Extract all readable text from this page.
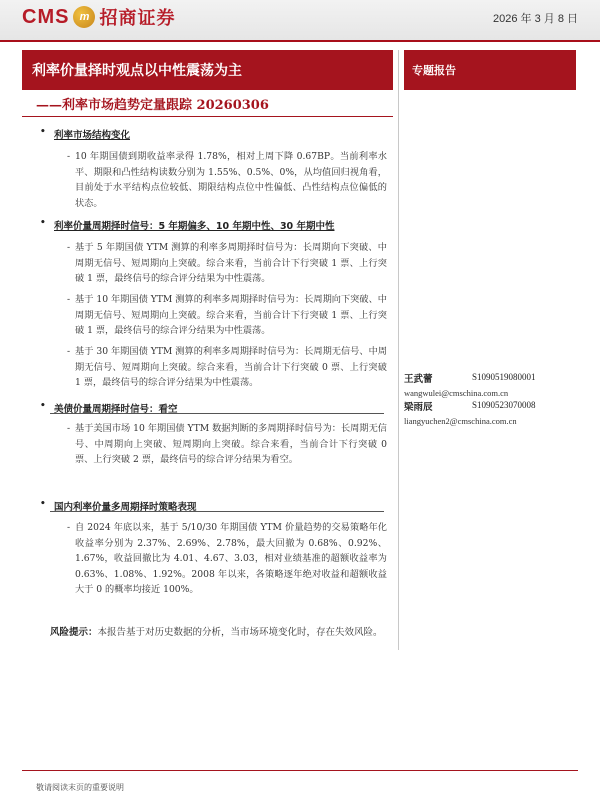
CMS m 招商证券	2026 年 3 月 8 日
利率价量择时观点以中性震荡为主
——利率市场趋势定量跟踪 20260306
专题报告
• 利率市场结构变化
- 10 年期国债到期收益率录得 1.78%，相对上周下降 0.67BP。当前利率水平、期限和凸性结构读数分别为 1.55%、0.5%、0%，从均值回归视角看，目前处于水平结构点位较低、期限结构点位中性偏低、凸性结构点位偏低的状态。
• 利率价量周期择时信号：5 年期偏多、10 年期中性、30 年期中性
- 基于 5 年期国债 YTM 测算的利率多周期择时信号为：长周期向下突破、中周期无信号、短周期向上突破。综合来看，当前合计下行突破 1 票、上行突破 1 票，最终信号的综合评分结果为中性震荡。
- 基于 10 年期国债 YTM 测算的利率多周期择时信号为：长周期向下突破、中周期无信号、短周期向上突破。综合来看，当前合计下行突破 1 票、上行突破 1 票，最终信号的综合评分结果为中性震荡。
- 基于 30 年期国债 YTM 测算的利率多周期择时信号为：长周期无信号、中周期无信号、短周期向上突破。综合来看，当前合计下行突破 0 票、上行突破 1 票，最终信号的综合评分结果为中性震荡。
• 美债价量周期择时信号：看空
- 基于美国市场 10 年期国债 YTM 数据判断的多周期择时信号为：长周期无信号、中周期向上突破、短周期向上突破。综合来看，当前合计下行突破 0 票、上行突破 2 票，最终信号的综合评分结果为看空。
• 国内利率价量多周期择时策略表现
- 自 2024 年底以来，基于 5/10/30 年期国债 YTM 价量趋势的交易策略年化收益率分别为 2.37%、2.69%、2.78%，最大回撤为 0.68%、0.92%、1.67%，收益回撤比为 4.01、4.67、3.03，相对业绩基准的超额收益率为 0.63%、1.08%、1.92%。2008 年以来，各策略逐年绝对收益和超额收益大于 0 的概率均接近 100%。
风险提示：本报告基于对历史数据的分析，当市场环境变化时，存在失效风险。
王武蕾	S1090519080001
wangwulei@cmschina.com.cn
梁雨辰	S1090523070008
liangyuchen2@cmschina.com.cn
敬请阅读末页的重要说明
